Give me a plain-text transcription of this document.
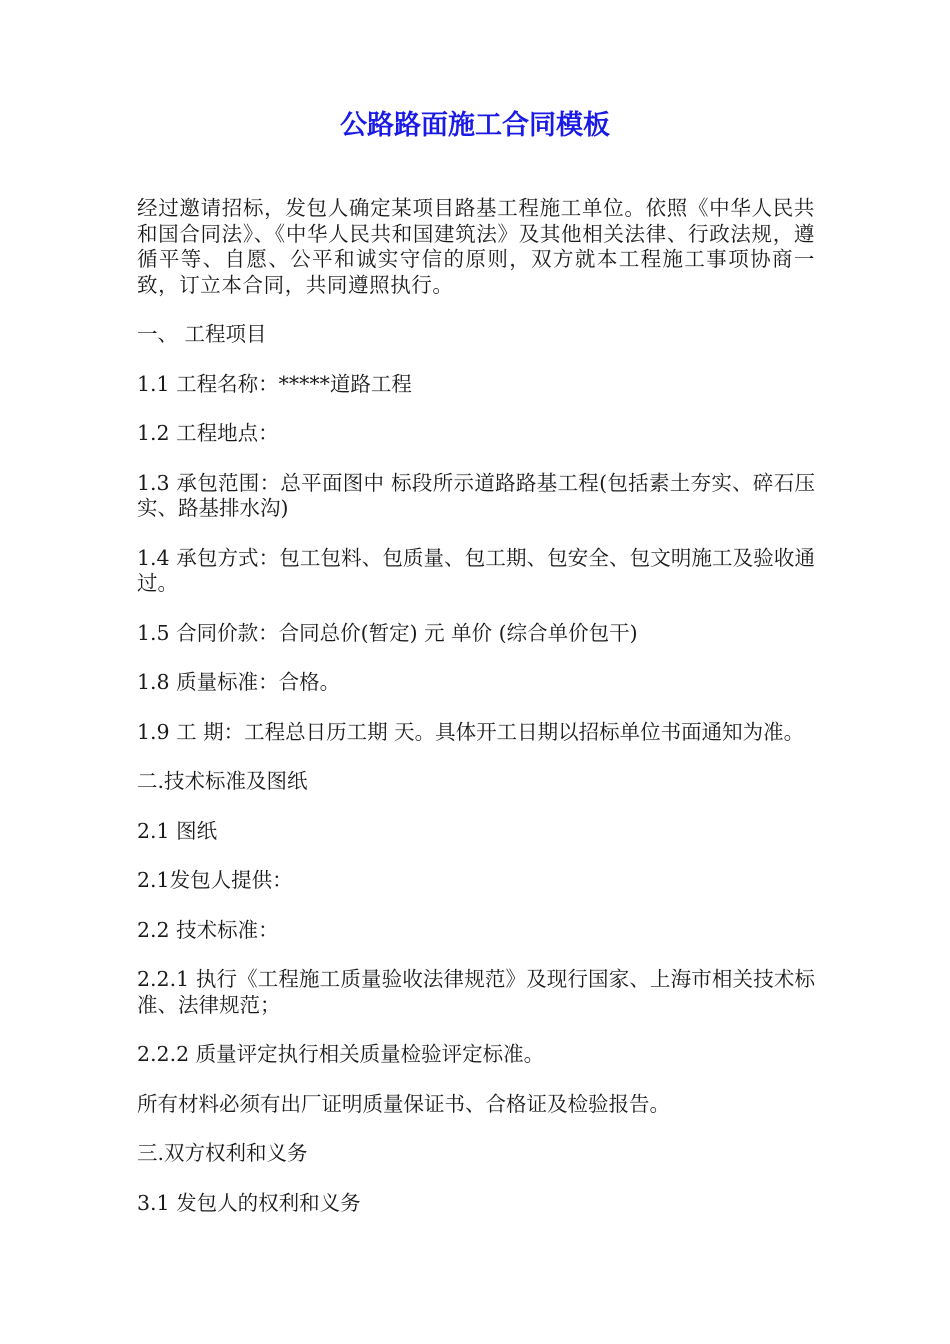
公路路面施工合同模板

经过邀请招标，发包人确定某项目路基工程施工单位。依照《中华人民共和国合同法》、《中华人民共和国建筑法》及其他相关法律、行政法规，遵循平等、自愿、公平和诚实守信的原则，双方就本工程施工事项协商一致，订立本合同，共同遵照执行。

一、 工程项目

1.1 工程名称：*****道路工程

1.2 工程地点：

1.3 承包范围：总平面图中 标段所示道路路基工程(包括素土夯实、碎石压实、路基排水沟)

1.4 承包方式：包工包料、包质量、包工期、包安全、包文明施工及验收通过。

1.5 合同价款：合同总价(暂定) 元 单价 (综合单价包干)

1.8 质量标准：合格。

1.9 工 期：工程总日历工期 天。具体开工日期以招标单位书面通知为准。

二.技术标准及图纸

2.1 图纸

2.1发包人提供：

2.2 技术标准：

2.2.1 执行《工程施工质量验收法律规范》及现行国家、上海市相关技术标准、法律规范；

2.2.2 质量评定执行相关质量检验评定标准。

所有材料必须有出厂证明质量保证书、合格证及检验报告。

三.双方权利和义务

3.1 发包人的权利和义务
